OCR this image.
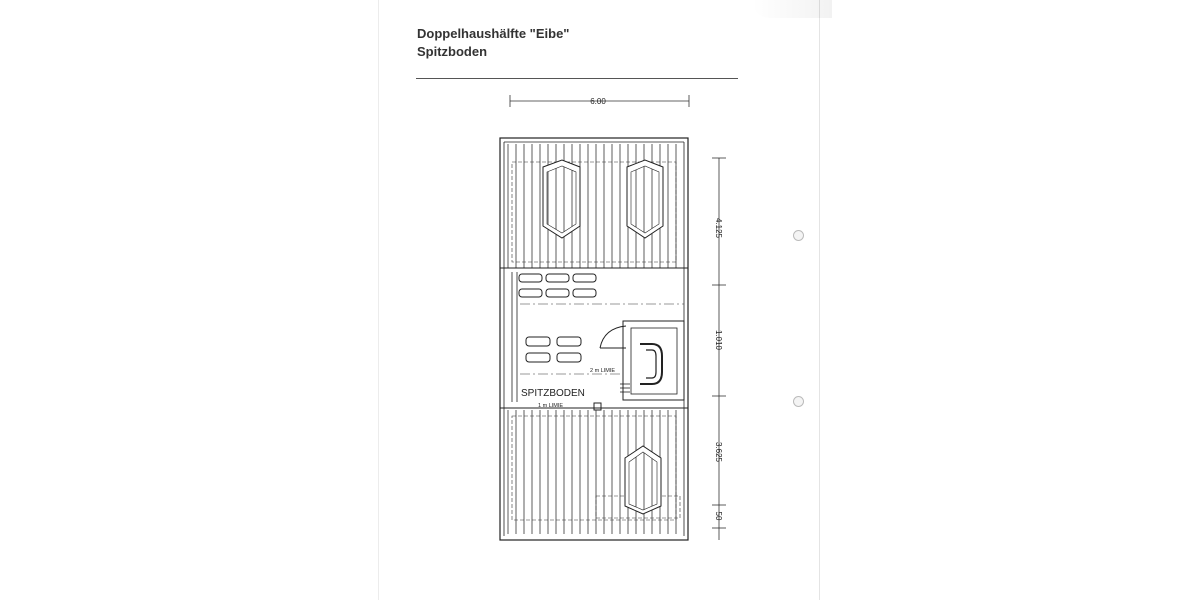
Doppelhaushälfte "Eibe"
Spitzboden
6.00
2 m LIMIE
SPITZBODEN
1 m LIMIE
4.125
1.010
3.625
50
